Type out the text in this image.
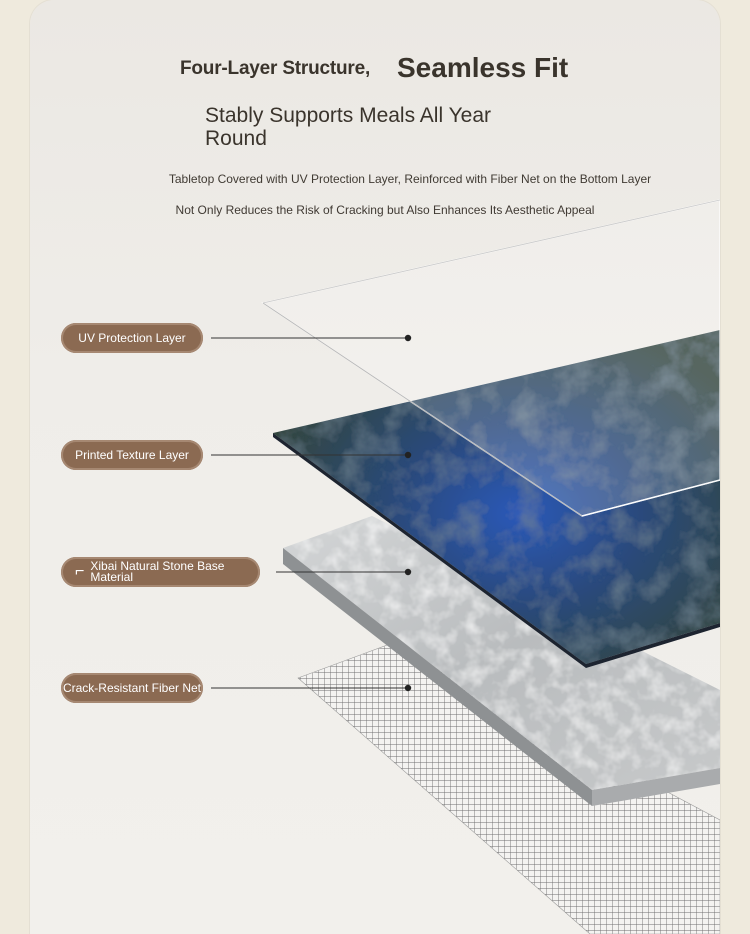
Four-Layer Structure, Seamless Fit
Stably Supports Meals All Year Round
Tabletop Covered with UV Protection Layer, Reinforced with Fiber Net on the Bottom Layer
Not Only Reduces the Risk of Cracking but Also Enhances Its Aesthetic Appeal
UV Protection Layer
Printed Texture Layer
⌐ Xibai Natural Stone Base Material
Crack-Resistant Fiber Net
